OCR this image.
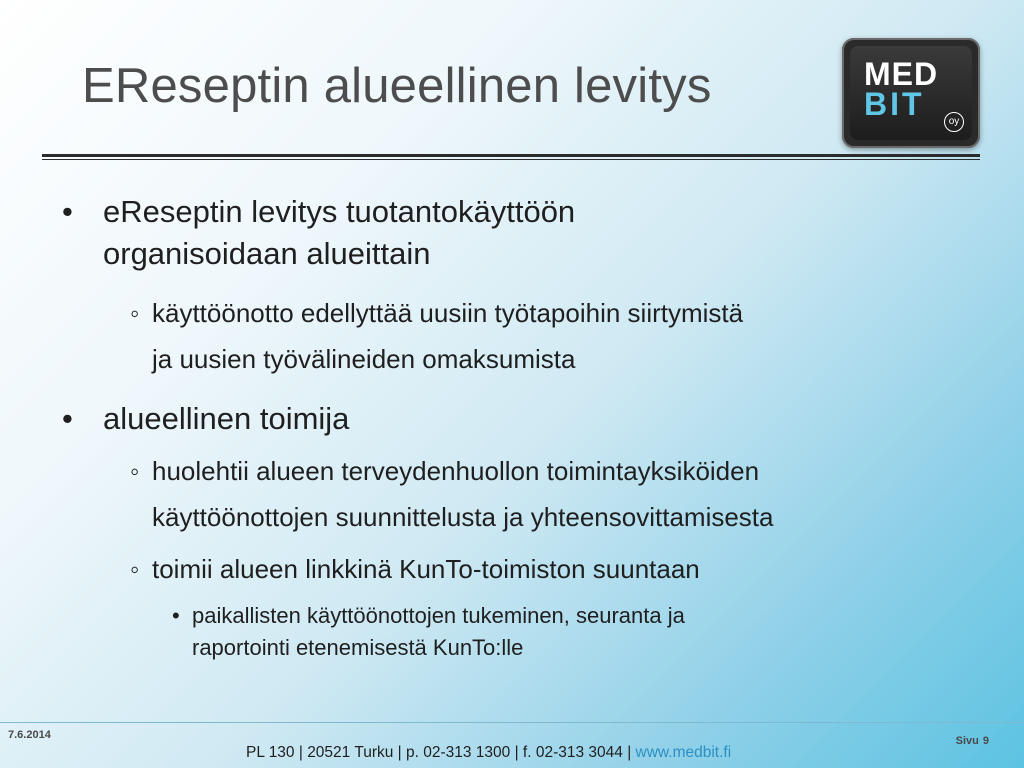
EReseptin alueellinen levitys	MED
BIT	oy
• eReseptin levitys tuotantokäyttöön
organisoidaan alueittain
◦ käyttöönotto edellyttää uusiin työtapoihin siirtymistä
ja uusien työvälineiden omaksumista
• alueellinen toimija
◦ huolehtii alueen terveydenhuollon toimintayksiköiden
käyttöönottojen suunnittelusta ja yhteensovittamisesta
◦ toimii alueen linkkinä KunTo-toimiston suuntaan
• paikallisten käyttöönottojen tukeminen, seuranta ja
raportointi etenemisestä KunTo:lle
7.6.2014	Sivu 9
PL 130 | 20521 Turku | p. 02-313 1300 | f. 02-313 3044 | www.medbit.fi
